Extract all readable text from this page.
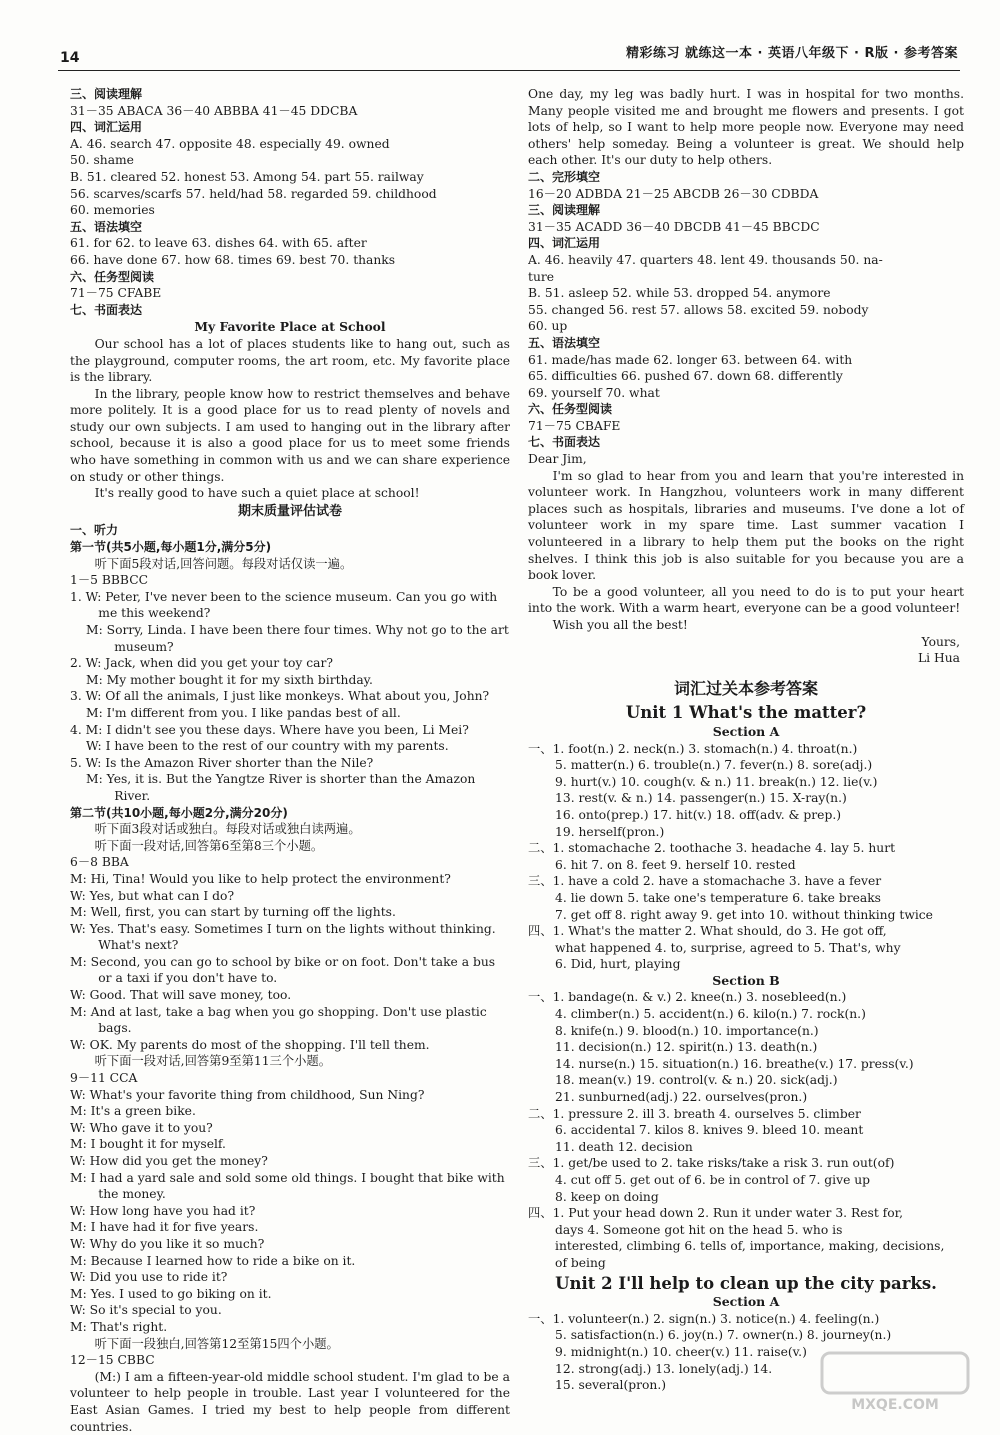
14	精彩练习 就练这一本 · 英语八年级下 · R版 · 参考答案
三、阅读理解
31－35 ABACA 36－40 ABBBA 41－45 DDCBA
四、词汇运用
A. 46. search 47. opposite 48. especially 49. owned
50. shame
B. 51. cleared 52. honest 53. Among 54. part 55. railway
56. scarves/scarfs 57. held/had 58. regarded 59. childhood
60. memories
五、语法填空
61. for 62. to leave 63. dishes 64. with 65. after
66. have done 67. how 68. times 69. best 70. thanks
六、任务型阅读
71－75 CFABE
七、书面表达
My Favorite Place at School
Our school has a lot of places students like to hang out, such as the playground, computer rooms, the art room, etc. My favorite place is the library.
In the library, people know how to restrict themselves and behave more politely. It is a good place for us to read plenty of novels and study our own subjects. I am used to hanging out in the library after school, because it is also a good place for us to meet some friends who have something in common with us and we can share experience on study or other things.
It's really good to have such a quiet place at school!
期末质量评估试卷
一、听力
第一节(共5小题,每小题1分,满分5分)
听下面5段对话,回答问题。每段对话仅读一遍。
1－5 BBBCC
1. W: Peter, I've never been to the science museum. Can you go with me this weekend?
M: Sorry, Linda. I have been there four times. Why not go to the art museum?
2. W: Jack, when did you get your toy car?
M: My mother bought it for my sixth birthday.
3. W: Of all the animals, I just like monkeys. What about you, John?
M: I'm different from you. I like pandas best of all.
4. M: I didn't see you these days. Where have you been, Li Mei?
W: I have been to the rest of our country with my parents.
5. W: Is the Amazon River shorter than the Nile?
M: Yes, it is. But the Yangtze River is shorter than the Amazon River.
第二节(共10小题,每小题2分,满分20分)
听下面3段对话或独白。每段对话或独白读两遍。
听下面一段对话,回答第6至第8三个小题。
6－8 BBA
M: Hi, Tina! Would you like to help protect the environment?
W: Yes, but what can I do?
M: Well, first, you can start by turning off the lights.
W: Yes. That's easy. Sometimes I turn on the lights without thinking. What's next?
M: Second, you can go to school by bike or on foot. Don't take a bus or a taxi if you don't have to.
W: Good. That will save money, too.
M: And at last, take a bag when you go shopping. Don't use plastic bags.
W: OK. My parents do most of the shopping. I'll tell them.
听下面一段对话,回答第9至第11三个小题。
9－11 CCA
W: What's your favorite thing from childhood, Sun Ning?
M: It's a green bike.
W: Who gave it to you?
M: I bought it for myself.
W: How did you get the money?
M: I had a yard sale and sold some old things. I bought that bike with the money.
W: How long have you had it?
M: I have had it for five years.
W: Why do you like it so much?
M: Because I learned how to ride a bike on it.
W: Did you use to ride it?
M: Yes. I used to go biking on it.
W: So it's special to you.
M: That's right.
听下面一段独白,回答第12至第15四个小题。
12－15 CBBC
(M:) I am a fifteen-year-old middle school student. I'm glad to be a volunteer to help people in trouble. Last year I volunteered for the East Asian Games. I tried my best to help people from different countries.
One day, my leg was badly hurt. I was in hospital for two months. Many people visited me and brought me flowers and presents. I got lots of help, so I want to help more people now. Everyone may need others' help someday. Being a volunteer is great. We should help each other. It's our duty to help others.
二、完形填空
16－20 ADBDA 21－25 ABCDB 26－30 CDBDA
三、阅读理解
31－35 ACADD 36－40 DBCDB 41－45 BBCDC
四、词汇运用
A. 46. heavily 47. quarters 48. lent 49. thousands 50. na-
ture
B. 51. asleep 52. while 53. dropped 54. anymore
55. changed 56. rest 57. allows 58. excited 59. nobody
60. up
五、语法填空
61. made/has made 62. longer 63. between 64. with
65. difficulties 66. pushed 67. down 68. differently
69. yourself 70. what
六、任务型阅读
71－75 CBAFE
七、书面表达
Dear Jim,
I'm so glad to hear from you and learn that you're interested in volunteer work. In Hangzhou, volunteers work in many different places such as hospitals, libraries and museums. I've done a lot of volunteer work in my spare time. Last summer vacation I volunteered in a library to help them put the books on the right shelves. I think this job is also suitable for you because you are a book lover.
To be a good volunteer, all you need to do is to put your heart into the work. With a warm heart, everyone can be a good volunteer!
Wish you all the best!
Yours,
Li Hua
词汇过关本参考答案
Unit 1 What's the matter?
Section A
一、1. foot(n.) 2. neck(n.) 3. stomach(n.) 4. throat(n.)
5. matter(n.) 6. trouble(n.) 7. fever(n.) 8. sore(adj.)
9. hurt(v.) 10. cough(v. & n.) 11. break(n.) 12. lie(v.)
13. rest(v. & n.) 14. passenger(n.) 15. X-ray(n.)
16. onto(prep.) 17. hit(v.) 18. off(adv. & prep.)
19. herself(pron.)
二、1. stomachache 2. toothache 3. headache 4. lay 5. hurt
6. hit 7. on 8. feet 9. herself 10. rested
三、1. have a cold 2. have a stomachache 3. have a fever
4. lie down 5. take one's temperature 6. take breaks
7. get off 8. right away 9. get into 10. without thinking twice
四、1. What's the matter 2. What should, do 3. He got off,
what happened 4. to, surprise, agreed to 5. That's, why
6. Did, hurt, playing
Section B
一、1. bandage(n. & v.) 2. knee(n.) 3. nosebleed(n.)
4. climber(n.) 5. accident(n.) 6. kilo(n.) 7. rock(n.)
8. knife(n.) 9. blood(n.) 10. importance(n.)
11. decision(n.) 12. spirit(n.) 13. death(n.)
14. nurse(n.) 15. situation(n.) 16. breathe(v.) 17. press(v.)
18. mean(v.) 19. control(v. & n.) 20. sick(adj.)
21. sunburned(adj.) 22. ourselves(pron.)
二、1. pressure 2. ill 3. breath 4. ourselves 5. climber
6. accidental 7. kilos 8. knives 9. bleed 10. meant
11. death 12. decision
三、1. get/be used to 2. take risks/take a risk 3. run out(of)
4. cut off 5. get out of 6. be in control of 7. give up
8. keep on doing
四、1. Put your head down 2. Run it under water 3. Rest for,
days 4. Someone got hit on the head 5. who is
interested, climbing 6. tells of, importance, making, decisions,
of being
Unit 2 I'll help to clean up the city parks.
Section A
一、1. volunteer(n.) 2. sign(n.) 3. notice(n.) 4. feeling(n.)
5. satisfaction(n.) 6. joy(n.) 7. owner(n.) 8. journey(n.)
9. midnight(n.) 10. cheer(v.) 11. raise(v.)
12. strong(adj.) 13. lonely(adj.) 14.
15. several(pron.)
MXQE.COM
